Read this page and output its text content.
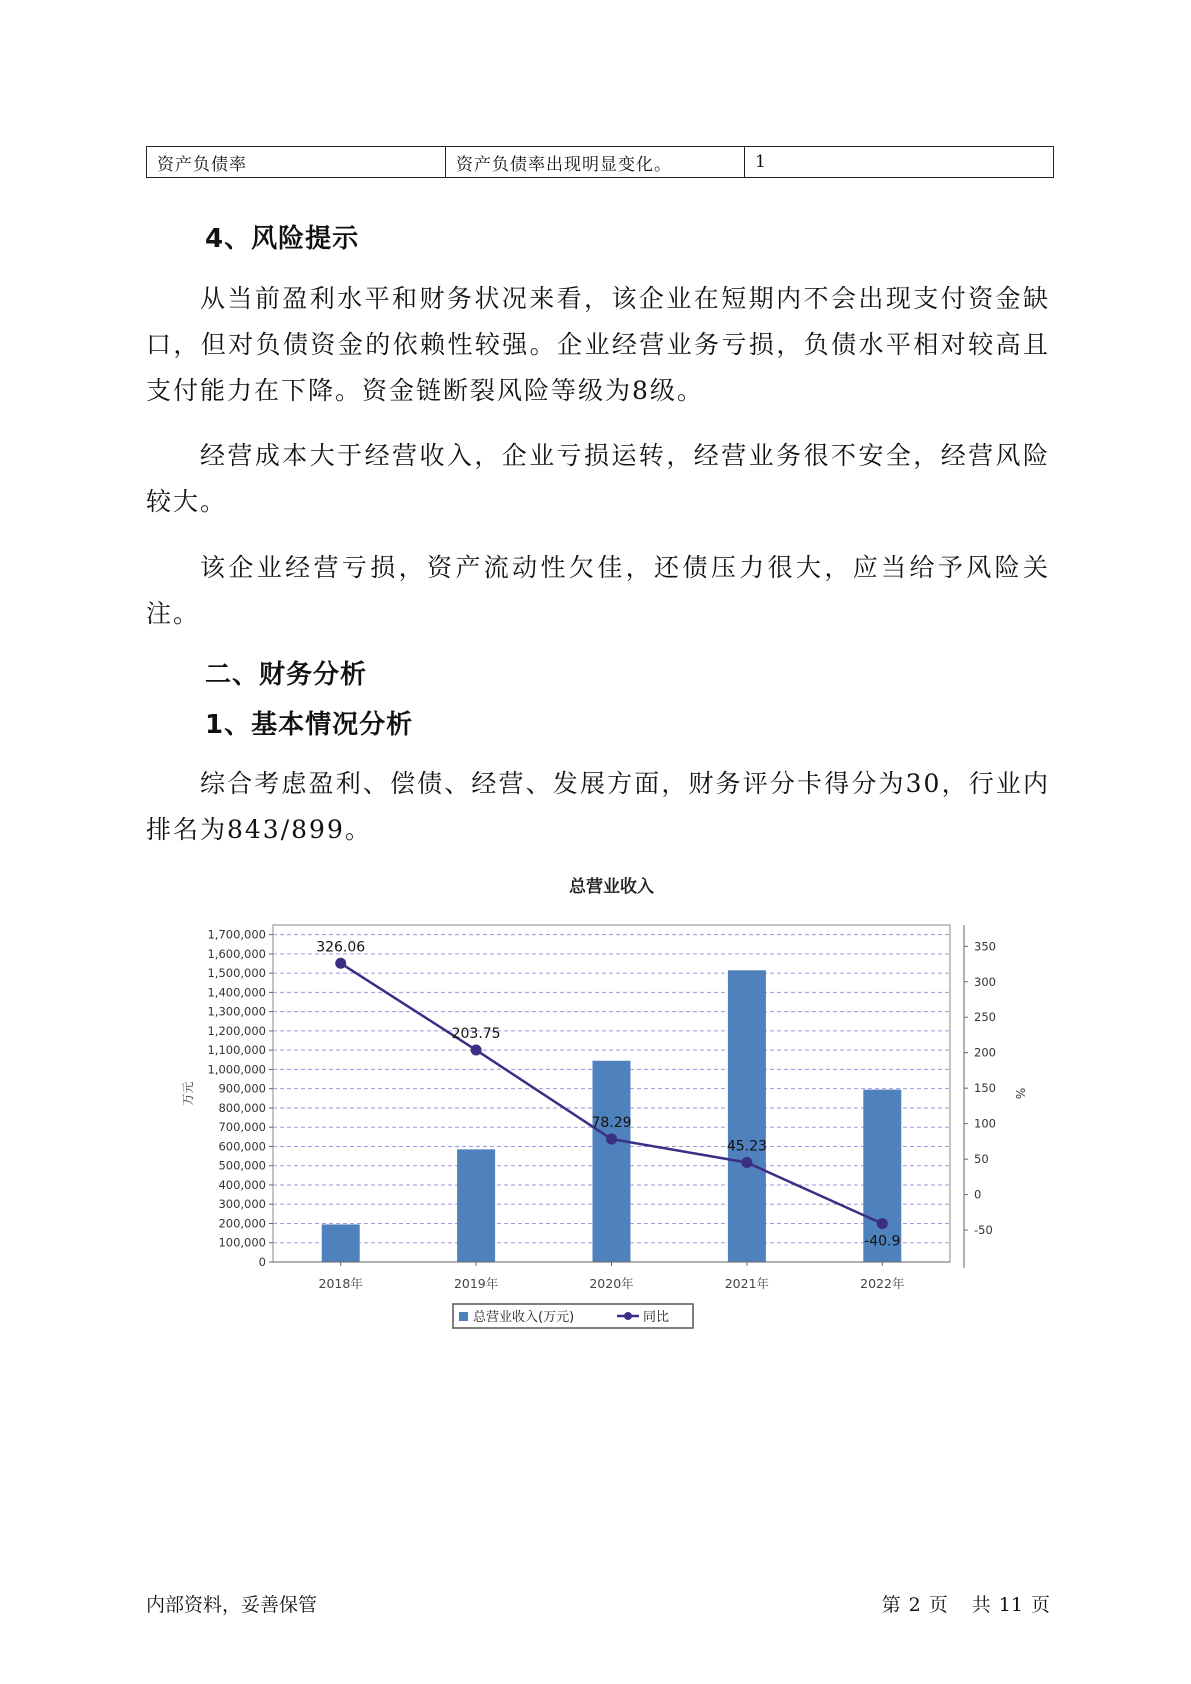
资产负债率	资产负债率出现明显变化。	1
4、风险提示

从当前盈利水平和财务状况来看，该企业在短期内不会出现支付资金缺口，但对负债资金的依赖性较强。企业经营业务亏损，负债水平相对较高且支付能力在下降。资金链断裂风险等级为8级。

经营成本大于经营收入，企业亏损运转，经营业务很不安全，经营风险较大。

该企业经营亏损，资产流动性欠佳，还债压力很大，应当给予风险关注。

二、财务分析
1、基本情况分析

综合考虑盈利、偿债、经营、发展方面，财务评分卡得分为30，行业内排名为843/899。

总营业收入
0
100,000
200,000
300,000
400,000
500,000
600,000
700,000
800,000
900,000
1,000,000
1,100,000
1,200,000
1,300,000
1,400,000
1,500,000
1,600,000
1,700,000
-50
0
50
100
150
200
250
300
350
万元	%
2018年	2019年	2020年	2021年	2022年
326.06
203.75
78.29
45.23
-40.9
总营业收入(万元)	同比
内部资料，妥善保管	第 2 页 共 11 页
